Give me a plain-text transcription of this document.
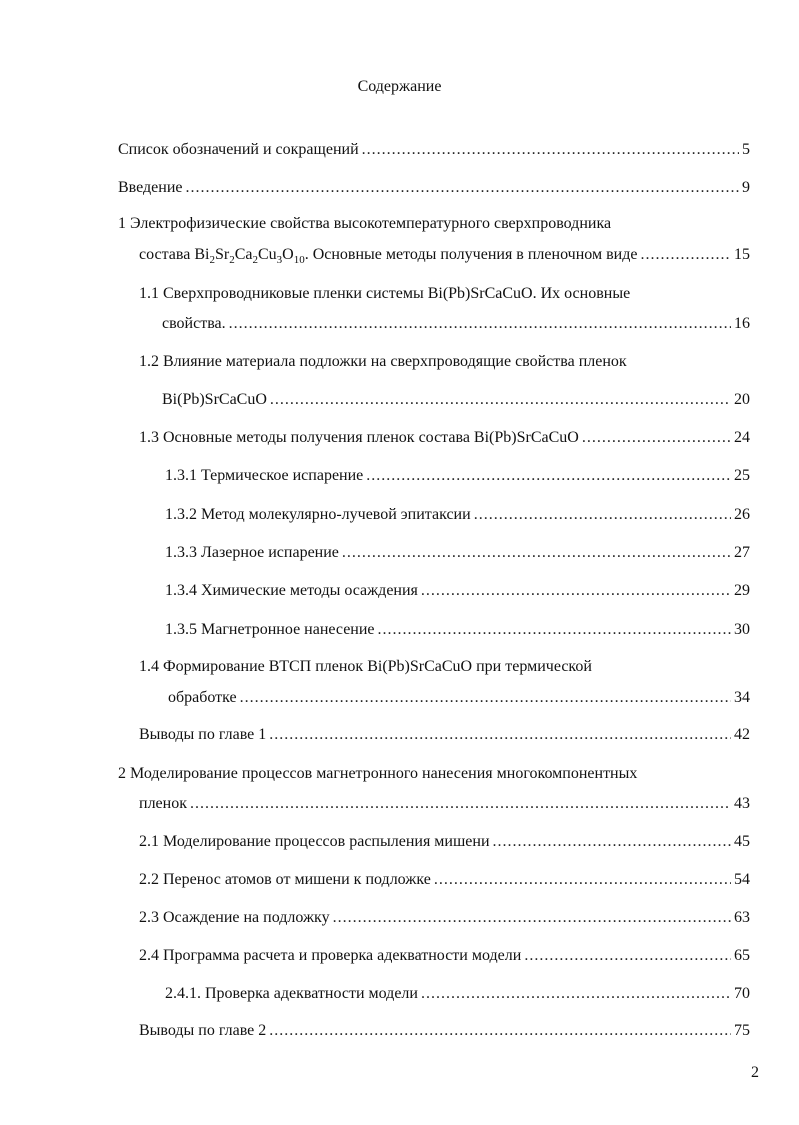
Содержание
Список обозначений и сокращений .....	5
Введение .....	9
1 Электрофизические свойства высокотемпературного сверхпроводника
состава $Bi_2Sr_2Ca_2Cu_3O_{10}$. Основные методы получения в пленочном виде .....	15
1.1 Сверхпроводниковые пленки системы Bi(Pb)SrCaCuO. Их основные
свойства. .....	16
1.2 Влияние материала подложки на сверхпроводящие свойства пленок
Bi(Pb)SrCaCuO .....	20
1.3 Основные методы получения пленок состава Bi(Pb)SrCaCuO .....	24
1.3.1 Термическое испарение .....	25
1.3.2 Метод молекулярно-лучевой эпитаксии .....	26
1.3.3 Лазерное испарение .....	27
1.3.4 Химические методы осаждения .....	29
1.3.5 Магнетронное нанесение .....	30
1.4 Формирование ВТСП пленок Bi(Pb)SrCaCuO при термической
обработке .....	34
Выводы по главе 1 .....	42
2 Моделирование процессов магнетронного нанесения многокомпонентных
пленок .....	43
2.1 Моделирование процессов распыления мишени .....	45
2.2 Перенос атомов от мишени к подложке .....	54
2.3 Осаждение на подложку .....	63
2.4 Программа расчета и проверка адекватности модели .....	65
2.4.1. Проверка адекватности модели .....	70
Выводы по главе 2 .....	75
2
